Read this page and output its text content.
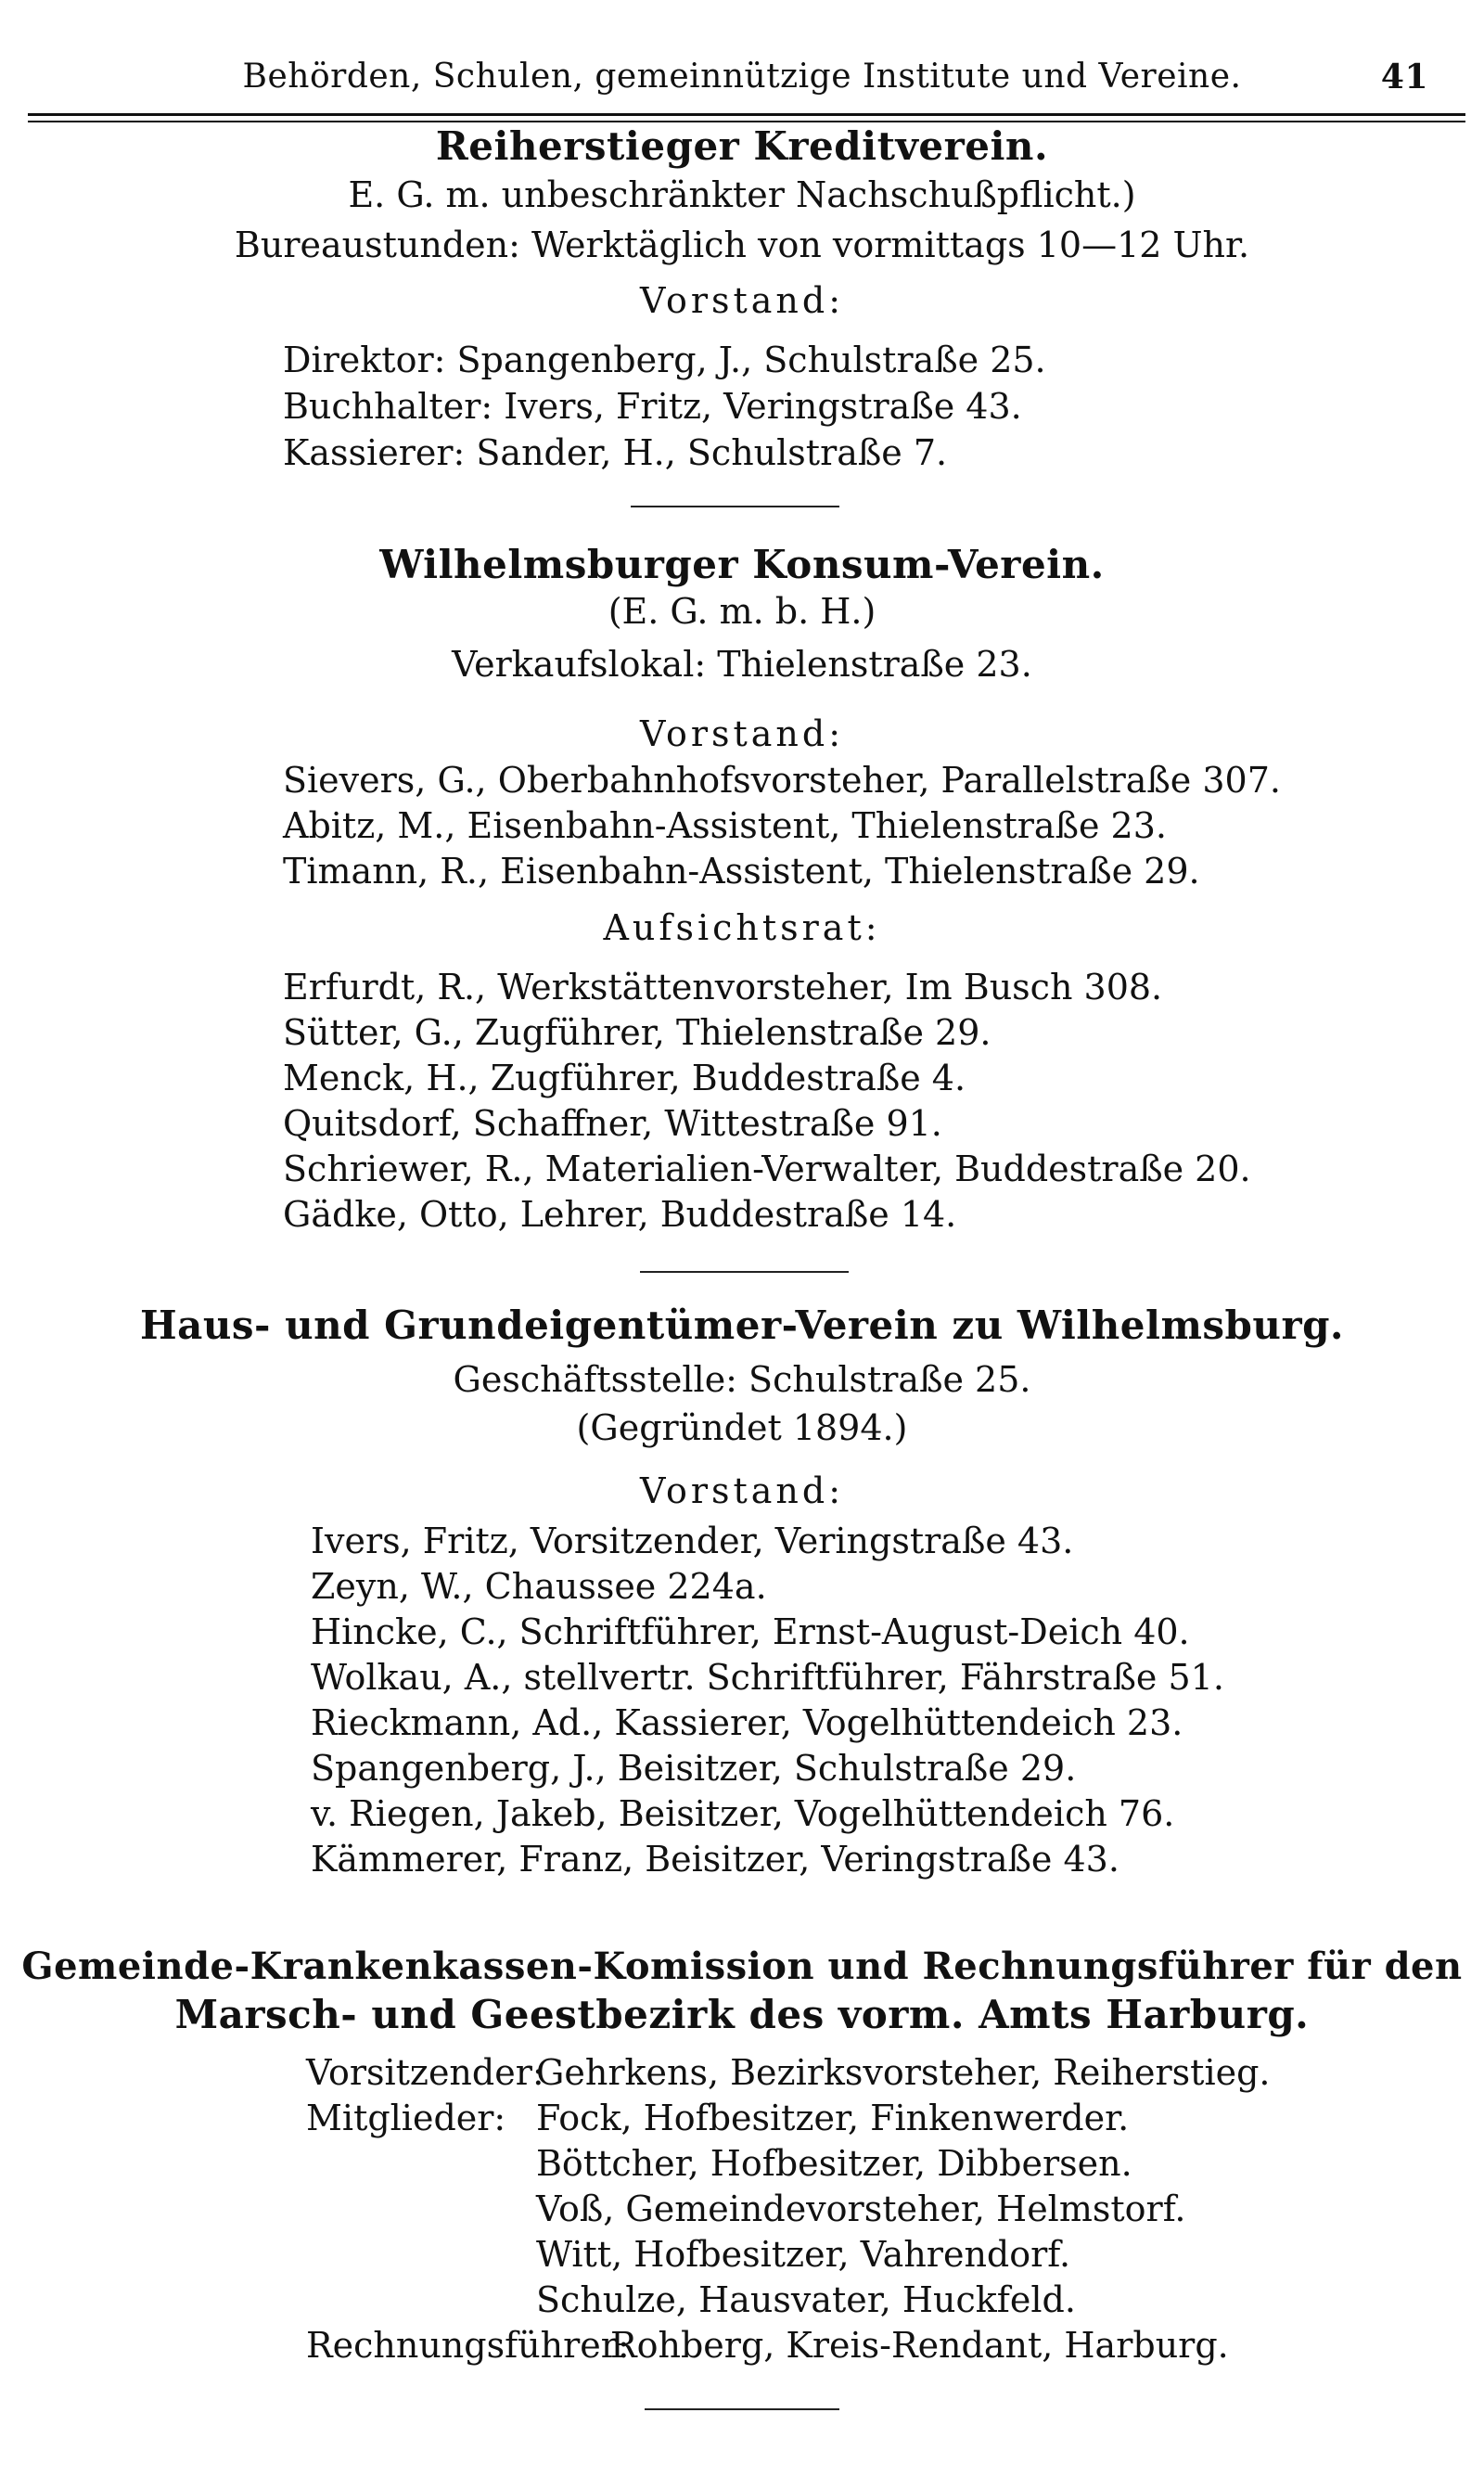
Behörden, Schulen, gemeinnützige Institute und Vereine.	41
Reiherstieger Kreditverein.
E. G. m. unbeschränkter Nachschußpflicht.)
Bureaustunden: Werktäglich von vormittags 10—12 Uhr.
Vorstand:
Direktor: Spangenberg, J., Schulstraße 25.
Buchhalter: Ivers, Fritz, Veringstraße 43.
Kassierer: Sander, H., Schulstraße 7.
Wilhelmsburger Konsum-Verein.
(E. G. m. b. H.)
Verkaufslokal: Thielenstraße 23.
Vorstand:
Sievers, G., Oberbahnhofsvorsteher, Parallelstraße 307.
Abitz, M., Eisenbahn-Assistent, Thielenstraße 23.
Timann, R., Eisenbahn-Assistent, Thielenstraße 29.
Aufsichtsrat:
Erfurdt, R., Werkstättenvorsteher, Im Busch 308.
Sütter, G., Zugführer, Thielenstraße 29.
Menck, H., Zugführer, Buddestraße 4.
Quitsdorf, Schaffner, Wittestraße 91.
Schriewer, R., Materialien-Verwalter, Buddestraße 20.
Gädke, Otto, Lehrer, Buddestraße 14.
Haus- und Grundeigentümer-Verein zu Wilhelmsburg.
Geschäftsstelle: Schulstraße 25.
(Gegründet 1894.)
Vorstand:
Ivers, Fritz, Vorsitzender, Veringstraße 43.
Zeyn, W., Chaussee 224a.
Hincke, C., Schriftführer, Ernst-August-Deich 40.
Wolkau, A., stellvertr. Schriftführer, Fährstraße 51.
Rieckmann, Ad., Kassierer, Vogelhüttendeich 23.
Spangenberg, J., Beisitzer, Schulstraße 29.
v. Riegen, Jakeb, Beisitzer, Vogelhüttendeich 76.
Kämmerer, Franz, Beisitzer, Veringstraße 43.
Gemeinde-Krankenkassen-Komission und Rechnungsführer für den
Marsch- und Geestbezirk des vorm. Amts Harburg.
Vorsitzender:
Gehrkens, Bezirksvorsteher, Reiherstieg.
Mitglieder: Fock, Hofbesitzer, Finkenwerder.
Böttcher, Hofbesitzer, Dibbersen.
Voß, Gemeindevorsteher, Helmstorf.
Witt, Hofbesitzer, Vahrendorf.
Schulze, Hausvater, Huckfeld.
Rechnungsführer:
Rohberg, Kreis-Rendant, Harburg.
